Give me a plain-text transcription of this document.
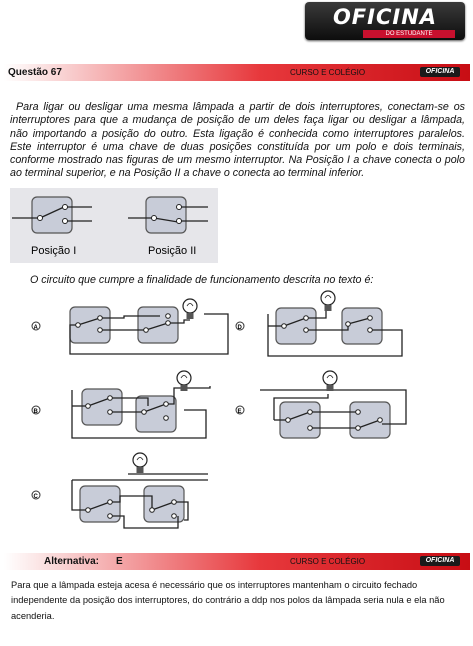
OFICINA
DO ESTUDANTE
Questão 67	CURSO E COLÉGIO	OFICINA
Para ligar ou desligar uma mesma lâmpada a partir de dois interruptores, conectam-se os interruptores para que a mudança de posição de um deles faça ligar ou desligar a lâmpada, não importando a posição do outro. Esta ligação é conhecida como interruptores paralelos. Este interruptor é uma chave de duas posições constituída por um polo e dois terminais, conforme mostrado nas figuras de um mesmo interruptor. Na Posição I a chave conecta o polo ao terminal superior, e na Posição II a chave o conecta ao terminal inferior.
Posição I	Posição II
O circuito que cumpre a finalidade de funcionamento descrita no texto é:
A
B
C
D
E
Alternativa: E	CURSO E COLÉGIO	OFICINA
Para que a lâmpada esteja acesa é necessário que os interruptores mantenham o circuito fechado independente da posição dos interruptores, do contrário a ddp nos polos da lâmpada seria nula e ela não acenderia.
